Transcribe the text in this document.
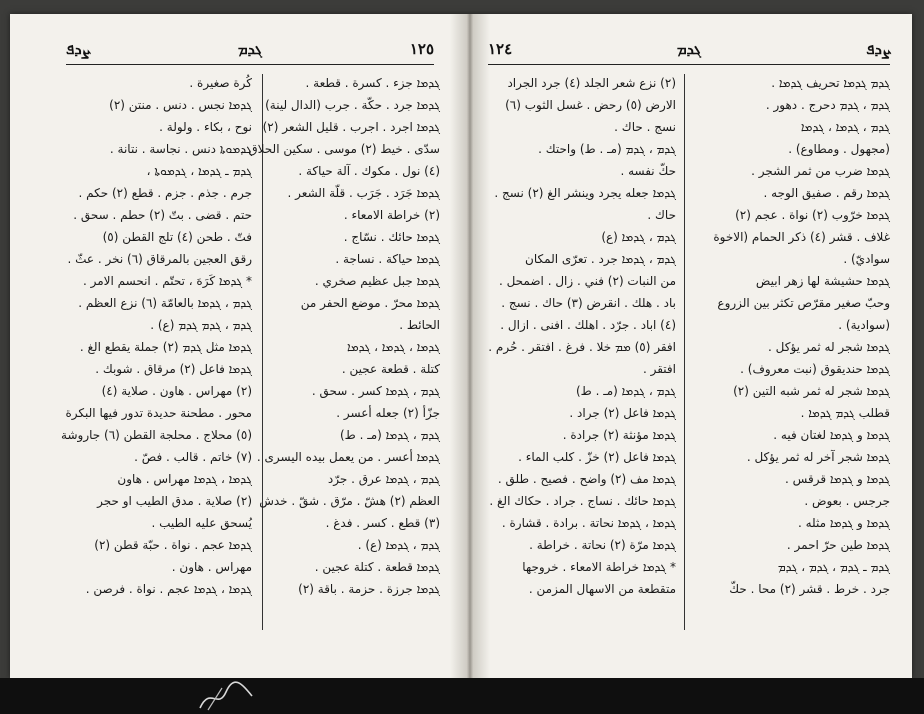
ܨܕܦ	ܓܕܡ	١٢٥
كُرة صغيرة .
ܓܕܡܐ نجس . دنس . منتن (٢)
نوح ، بكاء . ولولة .
ܓܕܡܘܬܐ دنس . نجاسة . نتانة .
ܓܕܡ ـ ܓܕܡܐ ، ܓܕܡܘܬܐ ،
جرم . جذم . جزم . قطع (٢) حكم .
حتم . قضى . بتّ (٢) حطم . سحق .
فتّ . طحن (٤) تلج القطن (٥)
رقق العجين بالمرقاق (٦) نخر . عثّ .
* ܓܕܡܐ كَرَهَ ، تحتّم . انحسم الامر .
ܓܕܡ ، ܓܕܡܐ بالعامّة (٦) نزع العظم .
ܓܕܡ ، ܓܕܡ ܓܕܡ (ع) .
ܓܕܡܐ مثل ܓܕܡ (٢) جملة يقطع الغ .
ܓܕܡܐ فاعل (٢) مرقاق . شوبك .
(٢) مهراس . هاون . صلاية (٤)
محور . مطحنة حديدة تدور فيها البكرة
(٥) محلاج . محلجة القطن (٦) جاروشة
(٧) خاتم . قالب . فصّ .
ܓܕܡܐ ، ܓܕܡܐ مهراس . هاون
(٢) صلاية . مدق الطيب او حجر
يُسحق عليه الطيب .
ܓܕܡܐ عجم . نواة . حبّة قطن (٢)
مهراس . هاون .
ܓܕܡܐ ، ܓܕܡܐ عجم . نواة . فرصن .
ܓܕܡܐ جزء . كسرة . قطعة .
ܓܕܡܐ جرد . حكّة . جرب (الدال لينة)
ܓܕܡܐ اجرد . اجرب . قليل الشعر (٢)
سدّى . خيط (٢) موسى . سكين الحلاق .
(٤) نول . مكوك . آلة حياكة .
ܓܕܡܐ جَرَد . جَرَب . قلّة الشعر .
(٢) خراطة الامعاء .
ܓܕܡܐ حائك . نسّاج .
ܓܕܡܐ حياكة . نساجة .
ܓܕܡܐ جبل عظيم صخري .
ܓܕܡܐ محرّ . موضع الحفر من
الحائط .
ܓܕܡܐ ، ܓܕܡܐ ، ܓܕܡܐ
كتلة . قطعة عجين .
ܓܕܡ ، ܓܕܡܐ كسر . سحق .
جزّأ (٢) جعله أعسر .
ܓܕܡ ، ܓܕܡܐ (مـ . ط)
ܓܕܡܐ أعسر . من يعمل بيده اليسرى .
ܓܕܡ ، ܓܕܡܐ عرق . جرّد
العظم (٢) هشّ . مرّق . شقّ . خدش
(٣) قطع . كسر . فدغ .
ܓܕܡ ، ܓܕܡܐ (ع) .
ܓܕܡܐ قطعة . كتلة عجين .
ܓܕܡܐ جرزة . حزمة . باقة (٢)
١٢٤	ܓܕܡ	ܨܕܦ
(٢) نزع شعر الجلد (٤) جرد الجراد
الارض (٥) رحض . غسل الثوب (٦)
نسج . حاك .
ܓܕܡ ، ܓܕܡ (مـ . ط) واحتك .
حكّ نفسه .
ܓܕܡܐ جعله يجرد وينشر الغ (٢) نسج .
حاك .
ܓܕܡ ، ܓܕܡܐ (ع)
ܓܕܡ ، ܓܕܡܐ جرد . تعرّى المكان
من النبات (٢) فني . زال . اضمحل .
باد . هلك . انقرض (٣) حاك . نسج .
(٤) اباد . جرّد . اهلك . افنى . ازال .
افقر (٥) ܡܡ خلا . فرغ . افتقر . حُرم .
افتقر .
ܓܕܡ ، ܓܕܡܐ (مـ . ط)
ܓܕܡܐ فاعل (٢) جراد .
ܓܕܡܐ مؤنثة (٢) جرادة .
ܓܕܡܐ فاعل (٢) خزّ . كلب الماء .
ܓܕܡܐ مف (٢) واضح . فصيح . طلق .
ܓܕܡܐ حائك . نساج . جراد . حكاك الغ .
ܓܕܡܐ ، ܓܕܡܐ نحاتة . برادة . قشارة .
ܓܕܡܐ مرّة (٢) نحاتة . خراطة .
* ܓܕܡܐ خراطة الامعاء . خروجها
متقطعة من الاسهال المزمن .
ܓܕܡ ܓܕܡܐ تحريف ܓܕܡܐ .
ܓܕܡ ، ܓܕܡ دحرج . دهور .
ܓܕܡ ، ܓܕܡܐ ، ܓܕܡܐ
(مجهول . ومطاوع) .
ܓܕܡܐ ضرب من ثمر الشجر .
ܓܕܡܐ رقم . صفيق الوجه .
ܓܕܡܐ خرّوب (٢) نواة . عجم (٢)
غلاف . قشر (٤) ذكر الحمام (الاخوة
سواديّ) .
ܓܕܡܐ حشيشة لها زهر ابيض
وحبّ صغير مقرّص تكثر بين الزروع
(سوادية) .
ܓܕܡܐ شجر له ثمر يؤكل .
ܓܕܡܐ حنديقوق (نبت معروف) .
ܓܕܡܐ شجر له ثمر شبه التين (٢)
قطلب ܓܕܡ ܓܕܡܐ .
ܓܕܡܐ و ܓܕܡܐ لغتان فيه .
ܓܕܡܐ شجر آخر له ثمر يؤكل .
ܓܕܡܐ و ܓܕܡܐ قرقس .
جرجس . بعوض .
ܓܕܡܐ و ܓܕܡܐ مثله .
ܓܕܡܐ طين حرّ احمر .
ܓܕܡ ـ ܓܕܡ ، ܓܕܡ ، ܓܕܡ
جرد . خرط . قشر (٢) محا . حكّ
